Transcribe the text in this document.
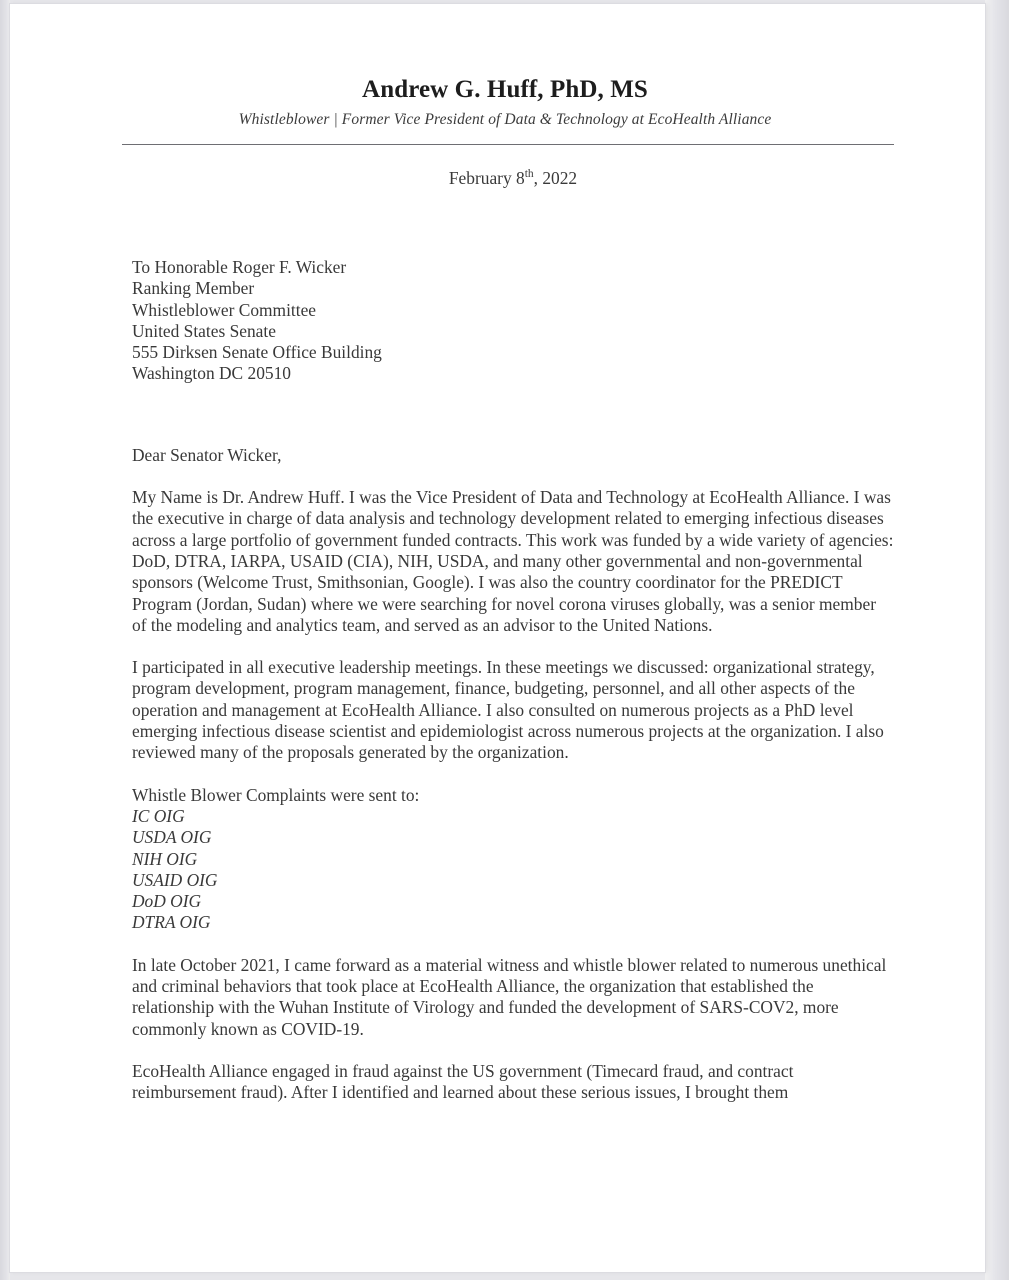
Andrew G. Huff, PhD, MS
Whistleblower | Former Vice President of Data & Technology at EcoHealth Alliance
February 8th, 2022
To Honorable Roger F. Wicker
Ranking Member
Whistleblower Committee
United States Senate
555 Dirksen Senate Office Building
Washington DC 20510

Dear Senator Wicker,

My Name is Dr. Andrew Huff. I was the Vice President of Data and Technology at EcoHealth Alliance. I was the executive in charge of data analysis and technology development related to emerging infectious diseases across a large portfolio of government funded contracts. This work was funded by a wide variety of agencies: DoD, DTRA, IARPA, USAID (CIA), NIH, USDA, and many other governmental and non-governmental sponsors (Welcome Trust, Smithsonian, Google). I was also the country coordinator for the PREDICT Program (Jordan, Sudan) where we were searching for novel corona viruses globally, was a senior member of the modeling and analytics team, and served as an advisor to the United Nations.

I participated in all executive leadership meetings. In these meetings we discussed: organizational strategy, program development, program management, finance, budgeting, personnel, and all other aspects of the operation and management at EcoHealth Alliance. I also consulted on numerous projects as a PhD level emerging infectious disease scientist and epidemiologist across numerous projects at the organization. I also reviewed many of the proposals generated by the organization.

Whistle Blower Complaints were sent to:

IC OIG
USDA OIG
NIH OIG
USAID OIG
DoD OIG
DTRA OIG

In late October 2021, I came forward as a material witness and whistle blower related to numerous unethical and criminal behaviors that took place at EcoHealth Alliance, the organization that established the relationship with the Wuhan Institute of Virology and funded the development of SARS-COV2, more commonly known as COVID-19.

EcoHealth Alliance engaged in fraud against the US government (Timecard fraud, and contract reimbursement fraud). After I identified and learned about these serious issues, I brought them
